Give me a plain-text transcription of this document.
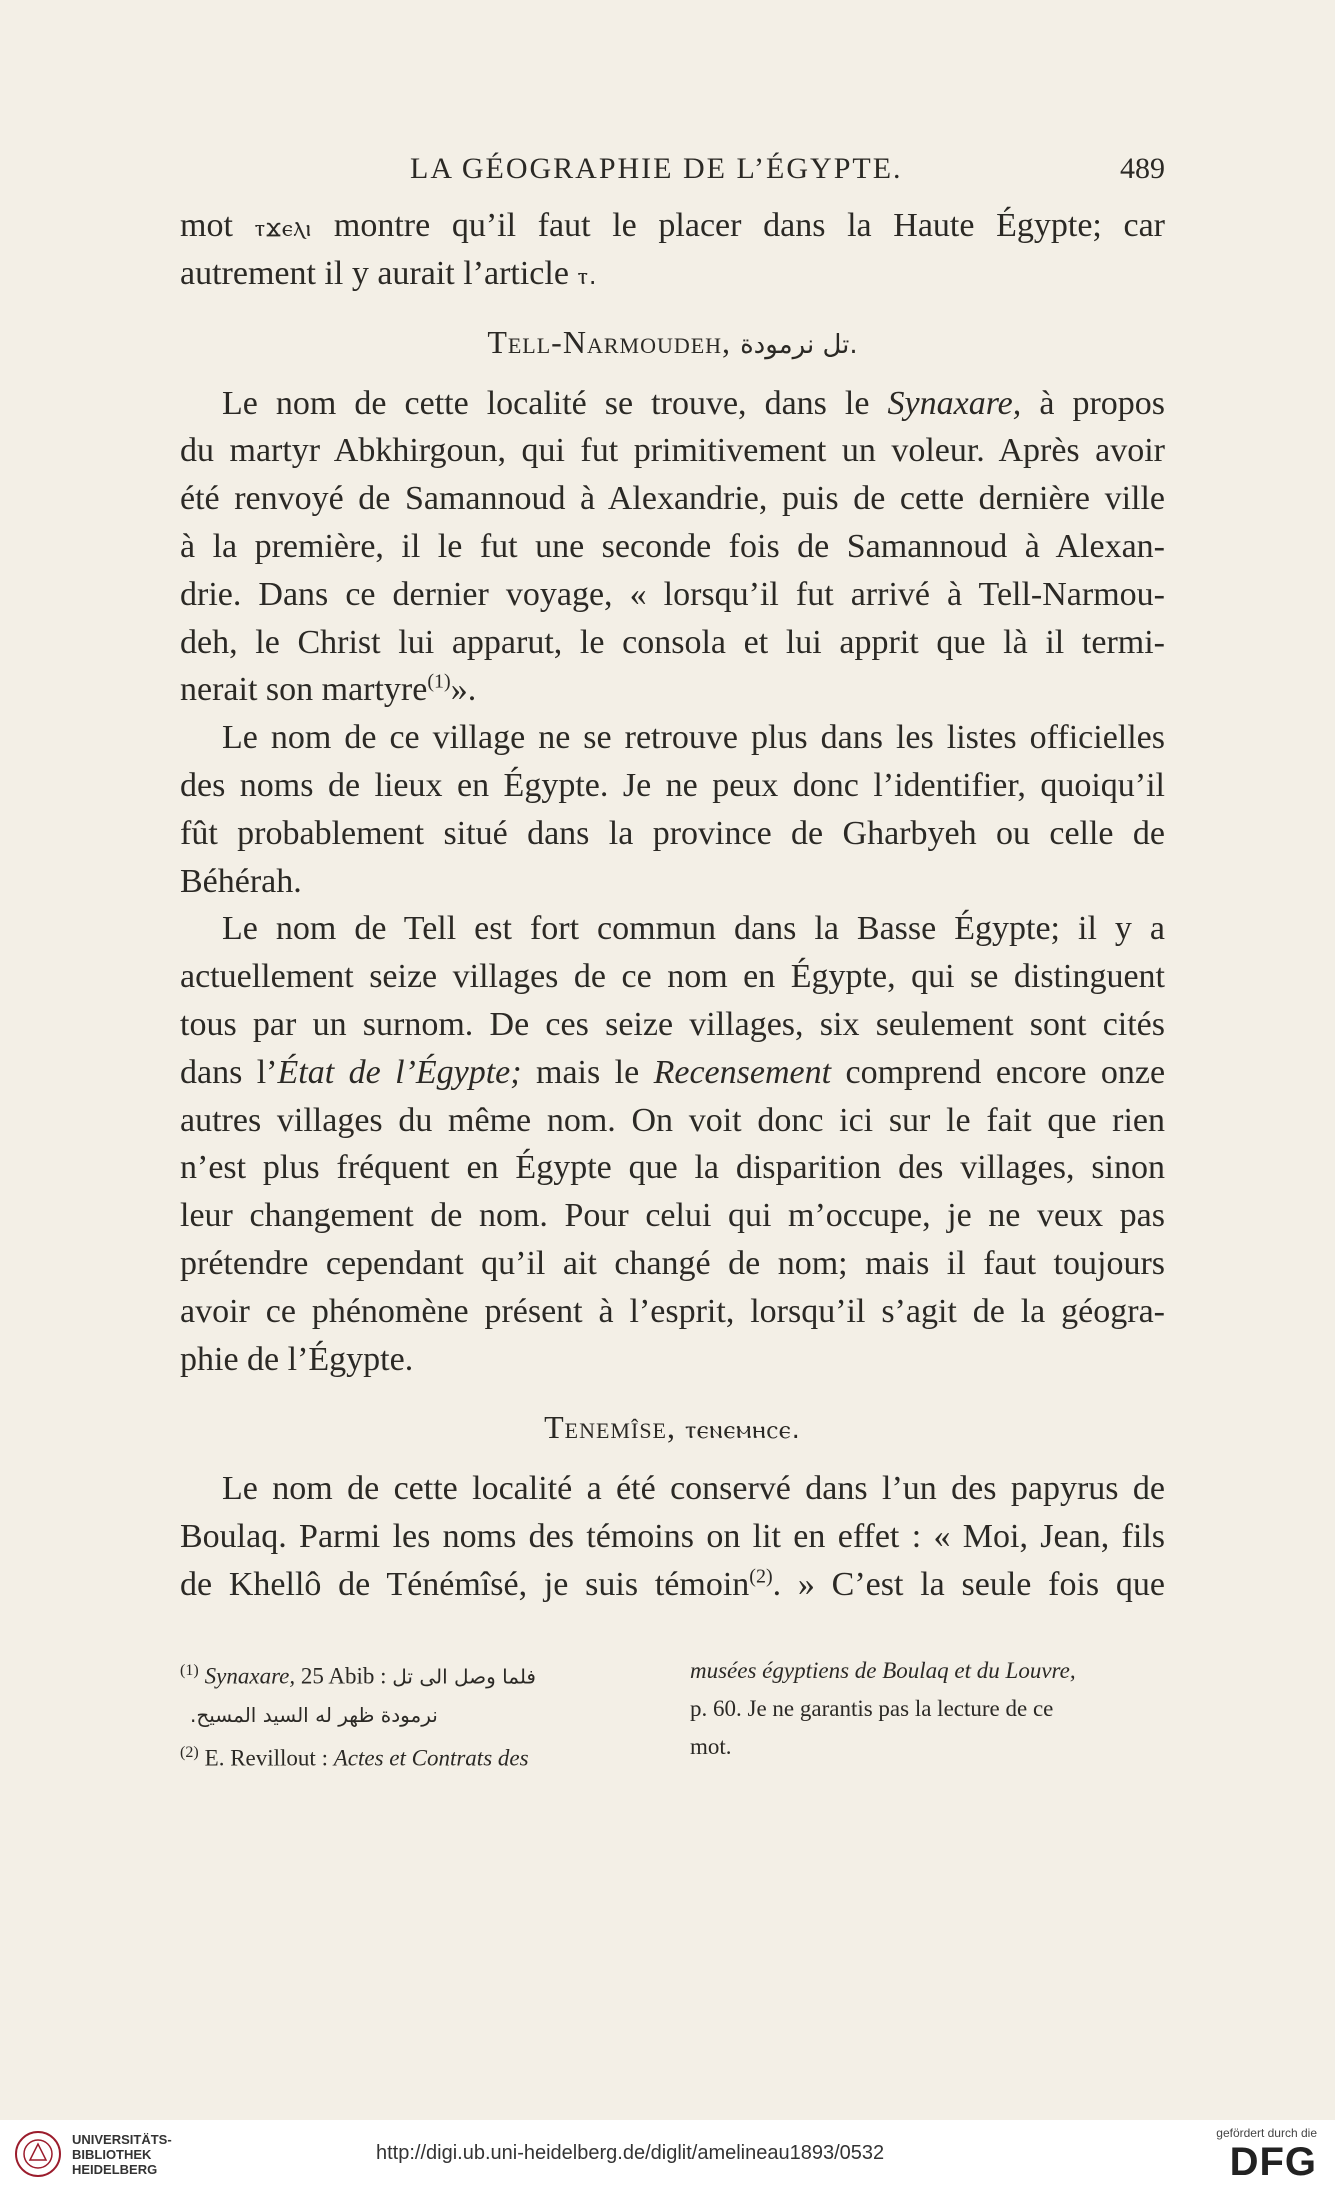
LA GÉOGRAPHIE DE L’ÉGYPTE.	489
mot ⲧϫⲉⲗⲓ montre qu’il faut le placer dans la Haute Égypte; car
autrement il y aurait l’article ⲧ.
Tell-Narmoudeh, تل نرمودة.
Le nom de cette localité se trouve, dans le Synaxare, à propos
du martyr Abkhirgoun, qui fut primitivement un voleur. Après avoir
été renvoyé de Samannoud à Alexandrie, puis de cette dernière ville
à la première, il le fut une seconde fois de Samannoud à Alexan-
drie. Dans ce dernier voyage, « lorsqu’il fut arrivé à Tell-Narmou-
deh, le Christ lui apparut, le consola et lui apprit que là il termi-
nerait son martyre$^{(1)}$».
Le nom de ce village ne se retrouve plus dans les listes officielles
des noms de lieux en Égypte. Je ne peux donc l’identifier, quoiqu’il
fût probablement situé dans la province de Gharbyeh ou celle de
Béhérah.
Le nom de Tell est fort commun dans la Basse Égypte; il y a
actuellement seize villages de ce nom en Égypte, qui se distinguent
tous par un surnom. De ces seize villages, six seulement sont cités
dans l’État de l’Égypte; mais le Recensement comprend encore onze
autres villages du même nom. On voit donc ici sur le fait que rien
n’est plus fréquent en Égypte que la disparition des villages, sinon
leur changement de nom. Pour celui qui m’occupe, je ne veux pas
prétendre cependant qu’il ait changé de nom; mais il faut toujours
avoir ce phénomène présent à l’esprit, lorsqu’il s’agit de la géogra-
phie de l’Égypte.
Tenemîse, ⲧⲉⲛⲉⲙⲏⲥⲉ.
Le nom de cette localité a été conservé dans l’un des papyrus de
Boulaq. Parmi les noms des témoins on lit en effet : « Moi, Jean, fils
de Khellô de Ténémîsé, je suis témoin$^{(2)}$. » C’est la seule fois que
$^{(1)}$ Synaxare, 25 Abib : فلما وصل الى تل
نرمودة ظهر له السيد المسيح.
$^{(2)}$ E. Revillout : Actes et Contrats des
musées égyptiens de Boulaq et du Louvre,
p. 60. Je ne garantis pas la lecture de ce
mot.
UNIVERSITÄTS-
BIBLIOTHEK
HEIDELBERG
http://digi.ub.uni-heidelberg.de/diglit/amelineau1893/0532
gefördert durch die
DFG
